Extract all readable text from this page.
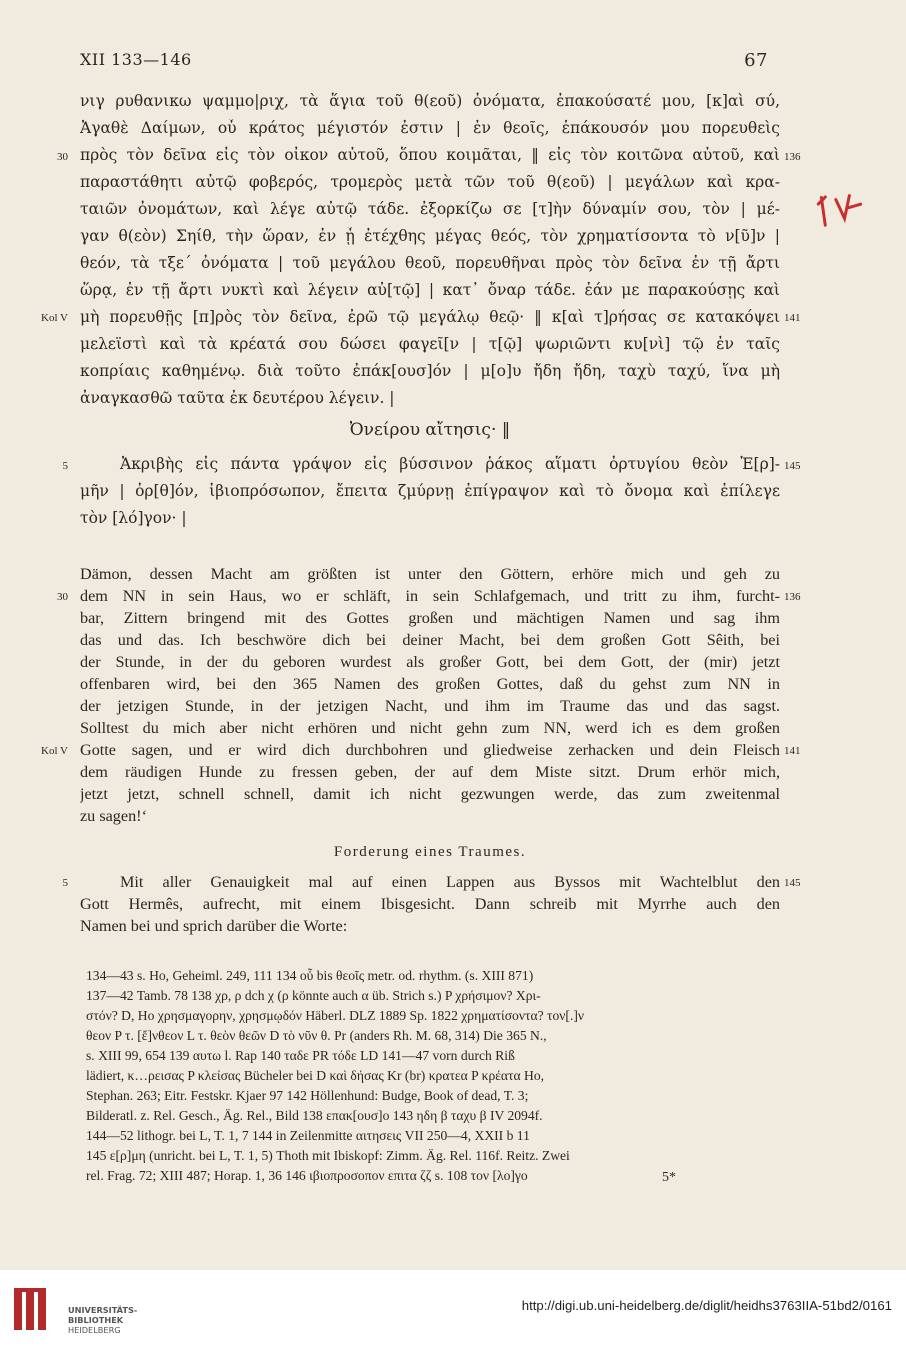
XII 133—146	67
νιγ ρυθανικω ψαμμο|ριχ, τὰ ἅγια τοῦ θ(εοῦ) ὀνόματα, ἐπακούσατέ μου, [κ]αὶ σύ,
Ἀγαθὲ Δαίμων, οὗ κράτος μέγιστόν ἐστιν | ἐν θεοῖς, ἐπάκουσόν μου πορευθεὶς
πρὸς τὸν δεῖνα εἰς τὸν οἶκον αὐτοῦ, ὅπου κοιμᾶται, ‖ εἰς τὸν κοιτῶνα αὐτοῦ, καὶ
παραστάθητι αὐτῷ φοβερός, τρομερὸς μετὰ τῶν τοῦ θ(εοῦ) | μεγάλων καὶ κρα-
ταιῶν ὀνομάτων, καὶ λέγε αὐτῷ τάδε. ἐξορκίζω σε [τ]ὴν δύναμίν σου, τὸν | μέ-
γαν θ(εὸν) Σηίθ, τὴν ὥραν, ἐν ᾗ ἐτέχθης μέγας θεός, τὸν χρηματίσοντα τὸ ν[ῦ]ν |
θεόν, τὰ τξε´ ὀνόματα | τοῦ μεγάλου θεοῦ, πορευθῆναι πρὸς τὸν δεῖνα ἐν τῇ ἄρτι
ὥρᾳ, ἐν τῇ ἄρτι νυκτὶ καὶ λέγειν αὐ[τῷ] | κατ᾽ ὄναρ τάδε. ἐάν με παρακούσῃς καὶ
μὴ πορευθῇς [π]ρὸς τὸν δεῖνα, ἐρῶ τῷ μεγάλῳ θεῷ· ‖ κ[αὶ τ]ρήσας σε κατακόψει
μελεϊστὶ καὶ τὰ κρέατά σου δώσει φαγεῖ[ν | τ[ῷ] ψωριῶντι κυ[νὶ] τῷ ἐν ταῖς
κοπρίαις καθημένῳ. διὰ τοῦτο ἐπάκ[ουσ]όν | μ[ο]υ ἤδη ἤδη, ταχὺ ταχύ, ἵνα μὴ
ἀναγκασθῶ ταῦτα ἐκ δευτέρου λέγειν. |
30	136
Kol V	141
Ὀνείρου αἴτησις· ‖
Ἀκριβὴς εἰς πάντα γράψον εἰς βύσσινον ῥάκος αἵματι ὀρτυγίου θεὸν Ἑ[ρ]-
μῆν | ὀρ[θ]όν, ἰβιοπρόσωπον, ἔπειτα ζμύρνῃ ἐπίγραψον καὶ τὸ ὄνομα καὶ ἐπίλεγε
τὸν [λό]γον· |
5	145
Dämon, dessen Macht am größten ist unter den Göttern, erhöre mich und geh zu
dem NN in sein Haus, wo er schläft, in sein Schlafgemach, und tritt zu ihm, furcht-
bar, Zittern bringend mit des Gottes großen und mächtigen Namen und sag ihm
das und das. Ich beschwöre dich bei deiner Macht, bei dem großen Gott Sêith, bei
der Stunde, in der du geboren wurdest als großer Gott, bei dem Gott, der (mir) jetzt
offenbaren wird, bei den 365 Namen des großen Gottes, daß du gehst zum NN in
der jetzigen Stunde, in der jetzigen Nacht, und ihm im Traume das und das sagst.
Solltest du mich aber nicht erhören und nicht gehn zum NN, werd ich es dem großen
Gotte sagen, und er wird dich durchbohren und gliedweise zerhacken und dein Fleisch
dem räudigen Hunde zu fressen geben, der auf dem Miste sitzt. Drum erhör mich,
jetzt jetzt, schnell schnell, damit ich nicht gezwungen werde, das zum zweitenmal
zu sagen!‘
30	136
Kol V	141
Forderung eines Traumes.
Mit aller Genauigkeit mal auf einen Lappen aus Byssos mit Wachtelblut den
Gott Hermês, aufrecht, mit einem Ibisgesicht. Dann schreib mit Myrrhe auch den
Namen bei und sprich darüber die Worte:
5	145
134—43 s. Ho, Geheiml. 249, 111 134 οὗ bis θεοῖς metr. od. rhythm. (s. XIII 871)
137—42 Tamb. 78 138 χρ, ρ dch χ (ρ könnte auch α üb. Strich s.) P χρήσιμον? Χρι-
στόν? D, Ho χρησμαγορην, χρησμῳδόν Häberl. DLZ 1889 Sp. 1822 χρηματίσοντα? τον[.]ν
θεον P τ. [ἔ]νθεον L τ. θεὸν θεῶν D τὸ νῦν θ. Pr (anders Rh. M. 68, 314) Die 365 N.,
s. XIII 99, 654 139 αυτω l. Rap 140 ταδε PR τόδε LD 141—47 vorn durch Riß
lädiert, κ…ρεισας P κλείσας Bücheler bei D καὶ δήσας Kr (br) κρατεα P κρέατα Ho,
Stephan. 263; Eitr. Festskr. Kjaer 97 142 Höllenhund: Budge, Book of dead, T. 3;
Bilderatl. z. Rel. Gesch., Äg. Rel., Bild 138 επακ[ουσ]ο 143 ηδη β ταχυ β IV 2094f.
144—52 lithogr. bei L, T. 1, 7 144 in Zeilenmitte αιτησεις VII 250—4, XXII b 11
145 ε[ρ]μη (unricht. bei L, T. 1, 5) Thoth mit Ibiskopf: Zimm. Äg. Rel. 116f. Reitz. Zwei
rel. Frag. 72; XIII 487; Horap. 1, 36 146 ιβιοπροσοπον επιτα ζζ s. 108 τον [λο]γο	5*
UNIVERSITÄTS-
BIBLIOTHEK
HEIDELBERG
http://digi.ub.uni-heidelberg.de/diglit/heidhs3763IIA-51bd2/0161
